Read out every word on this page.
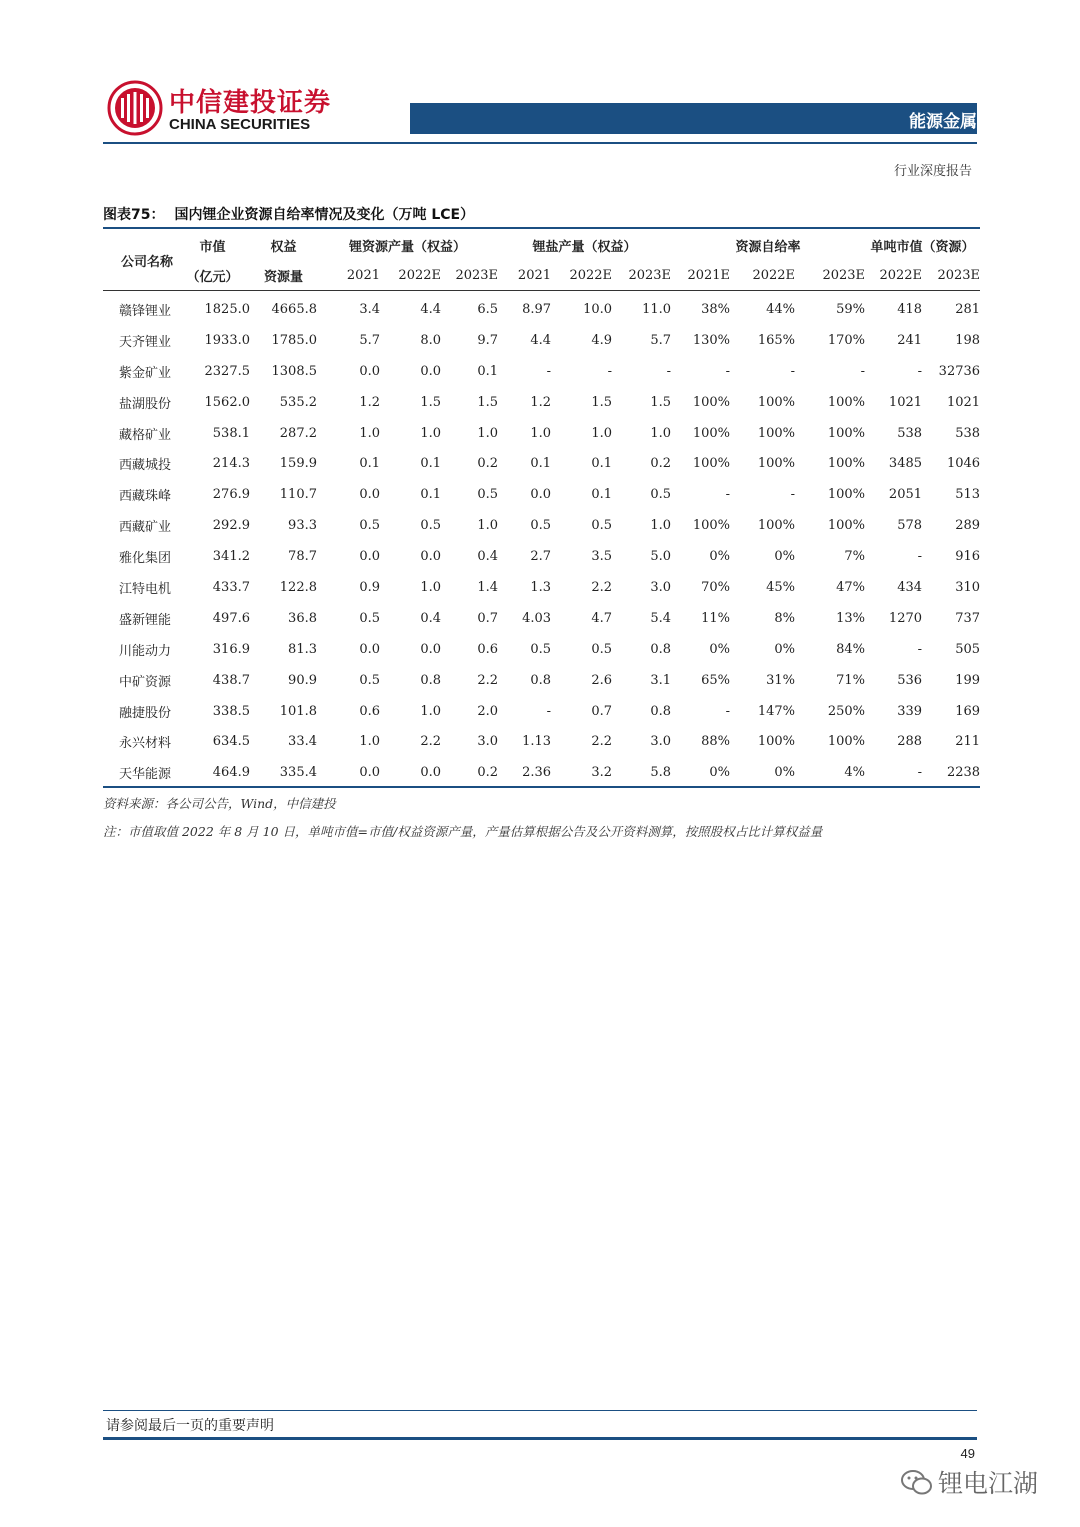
中信建投证券
CHINA SECURITIES	能源金属
行业深度报告
图表75： 国内锂企业资源自给率情况及变化（万吨 LCE）
公司名称	市值	权益	锂资源产量（权益）			锂盐产量（权益）			资源自给率			单吨市值（资源）	
	（亿元）	资源量	2021	2022E	2023E	2021	2022E	2023E	2021E	2022E	2023E	2022E	2023E
赣锋锂业	1825.0	4665.8	3.4	4.4	6.5	8.97	10.0	11.0	38%	44%	59%	418	281
天齐锂业	1933.0	1785.0	5.7	8.0	9.7	4.4	4.9	5.7	130%	165%	170%	241	198
紫金矿业	2327.5	1308.5	0.0	0.0	0.1	-	-	-	-	-	-	-	32736
盐湖股份	1562.0	535.2	1.2	1.5	1.5	1.2	1.5	1.5	100%	100%	100%	1021	1021
藏格矿业	538.1	287.2	1.0	1.0	1.0	1.0	1.0	1.0	100%	100%	100%	538	538
西藏城投	214.3	159.9	0.1	0.1	0.2	0.1	0.1	0.2	100%	100%	100%	3485	1046
西藏珠峰	276.9	110.7	0.0	0.1	0.5	0.0	0.1	0.5	-	-	100%	2051	513
西藏矿业	292.9	93.3	0.5	0.5	1.0	0.5	0.5	1.0	100%	100%	100%	578	289
雅化集团	341.2	78.7	0.0	0.0	0.4	2.7	3.5	5.0	0%	0%	7%	-	916
江特电机	433.7	122.8	0.9	1.0	1.4	1.3	2.2	3.0	70%	45%	47%	434	310
盛新锂能	497.6	36.8	0.5	0.4	0.7	4.03	4.7	5.4	11%	8%	13%	1270	737
川能动力	316.9	81.3	0.0	0.0	0.6	0.5	0.5	0.8	0%	0%	84%	-	505
中矿资源	438.7	90.9	0.5	0.8	2.2	0.8	2.6	3.1	65%	31%	71%	536	199
融捷股份	338.5	101.8	0.6	1.0	2.0	-	0.7	0.8	-	147%	250%	339	169
永兴材料	634.5	33.4	1.0	2.2	3.0	1.13	2.2	3.0	88%	100%	100%	288	211
天华能源	464.9	335.4	0.0	0.0	0.2	2.36	3.2	5.8	0%	0%	4%	-	2238
资料来源：各公司公告，Wind，中信建投
注：市值取值 2022 年 8 月 10 日，单吨市值=市值/权益资源产量，产量估算根据公告及公开资料测算，按照股权占比计算权益量
请参阅最后一页的重要声明
49
锂电江湖
